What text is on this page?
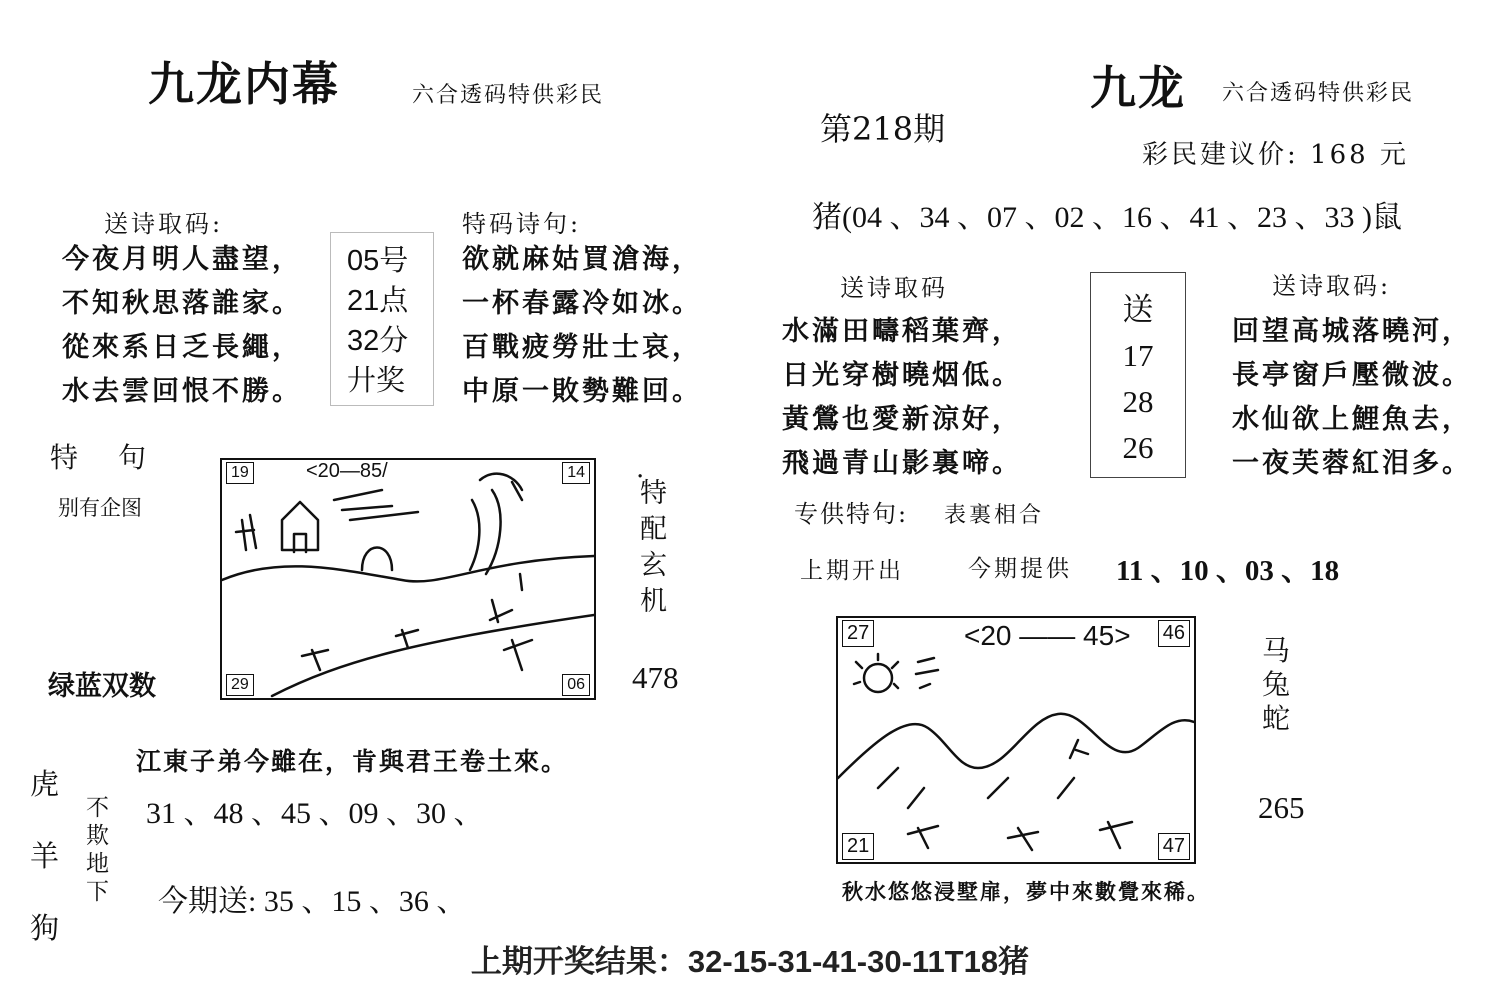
九龙内幕	六合透码特供彩民
第218期
九龙 六合透码特供彩民
彩民建议价: 168 元
猪(04 、34 、07 、02 、16 、41 、23 、33 )鼠
送诗取码:
今夜月明人盡望，
不知秋思落誰家。
從來系日乏長繩，
水去雲回恨不勝。
05号
21点
32分
廾奖
特码诗句:
欲就麻姑買滄海，
一杯春露冷如冰。
百戰疲勞壯士哀，
中原一敗勢難回。
特　句
别有企图
绿蓝双数
<20—85/
19	14
29	06
.
特
配
玄
机
478
虎
羊
狗
不
欺
地
下
江東子弟今雖在，肯與君王卷土來。
31 、48 、45 、09 、30 、
今期送: 35 、15 、36 、
送诗取码
水滿田疇稻葉齊，
日光穿樹曉烟低。
黃鶯也愛新涼好，
飛過青山影裏啼。
送
17
28
26
送诗取码:
回望高城落曉河，
長亭窗戶壓微波。
水仙欲上鯉魚去，
一夜芙蓉紅泪多。
专供特句: 表裏相合
上期开出	今期提供 11 、10 、03 、18
<20 —— 45>
27	46
21	47
马
兔
蛇
265
秋水悠悠浸墅扉，夢中來數覺來稀。
上期开奖结果：32-15-31-41-30-11T18猪
